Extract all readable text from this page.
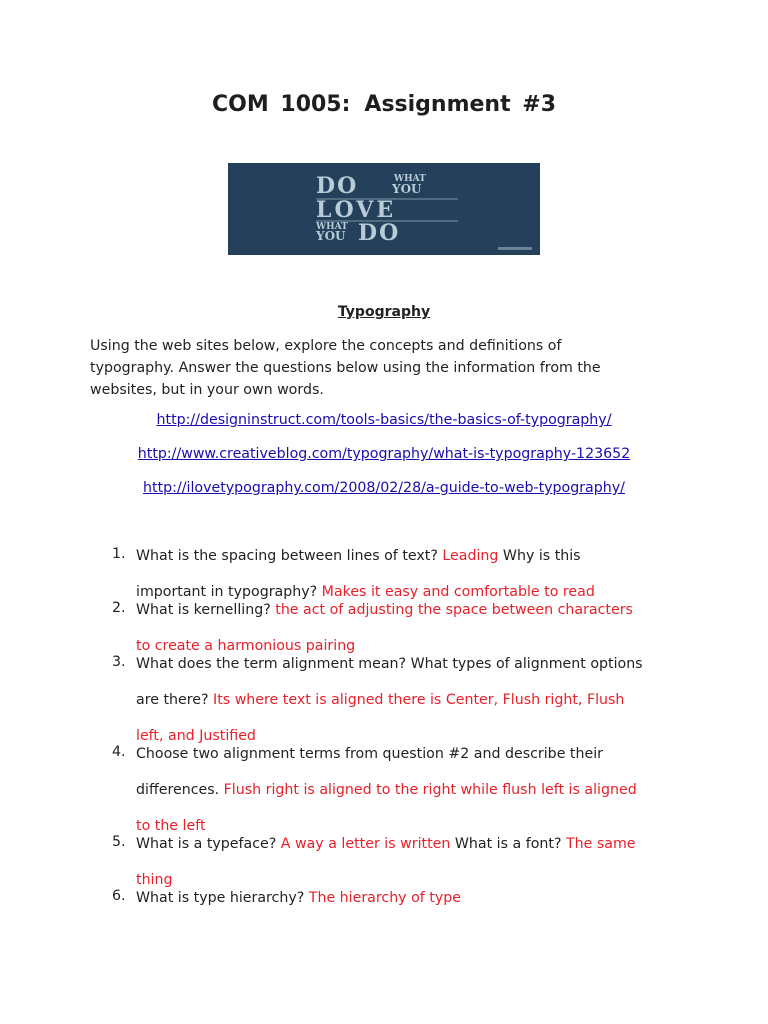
COM 1005: Assignment #3
DO	WHAT
YOU
LOVE
WHAT
YOU DO
Typography
Using the web sites below, explore the concepts and definitions of
typography. Answer the questions below using the information from the
websites, but in your own words.
http://designinstruct.com/tools-basics/the-basics-of-typography/
http://www.creativeblog.com/typography/what-is-typography-123652
http://ilovetypography.com/2008/02/28/a-guide-to-web-typography/
1. What is the spacing between lines of text? Leading Why is this
important in typography? Makes it easy and comfortable to read
2. What is kernelling? the act of adjusting the space between characters
to create a harmonious pairing
3. What does the term alignment mean? What types of alignment options
are there? Its where text is aligned there is Center, Flush right, Flush
left, and Justified
4. Choose two alignment terms from question #2 and describe their
differences. Flush right is aligned to the right while flush left is aligned
to the left
5. What is a typeface? A way a letter is written What is a font? The same
thing
6. What is type hierarchy? The hierarchy of type
